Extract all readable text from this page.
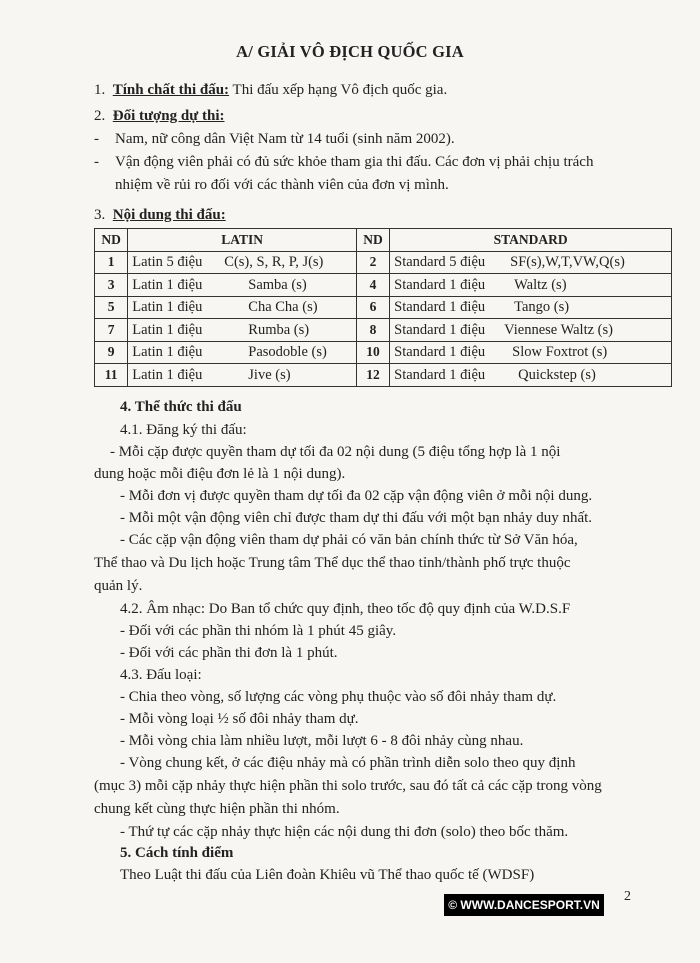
A/ GIẢI VÔ ĐỊCH QUỐC GIA
1. Tính chất thi đấu: Thi đấu xếp hạng Vô địch quốc gia.
2. Đối tượng dự thi:
- Nam, nữ công dân Việt Nam từ 14 tuổi (sinh năm 2002).
- Vận động viên phải có đủ sức khỏe tham gia thi đấu. Các đơn vị phải chịu trách
nhiệm về rủi ro đối với các thành viên của đơn vị mình.
3. Nội dung thi đấu:
ND	LATIN	ND	STANDARD
1	Latin 5 điệu C(s), S, R, P, J(s)	2	Standard 5 điệu SF(s),W,T,VW,Q(s)
3	Latin 1 điệu Samba (s)	4	Standard 1 điệu Waltz (s)
5	Latin 1 điệu Cha Cha (s)	6	Standard 1 điệu Tango (s)
7	Latin 1 điệu Rumba (s)	8	Standard 1 điệu Viennese Waltz (s)
9	Latin 1 điệu Pasodoble (s)	10	Standard 1 điệu Slow Foxtrot (s)
11	Latin 1 điệu Jive (s)	12	Standard 1 điệu Quickstep (s)
4. Thể thức thi đấu
4.1. Đăng ký thi đấu:
- Mỗi cặp được quyền tham dự tối đa 02 nội dung (5 điệu tổng hợp là 1 nội
dung hoặc mỗi điệu đơn lẻ là 1 nội dung).
- Mỗi đơn vị được quyền tham dự tối đa 02 cặp vận động viên ở mỗi nội dung.
- Mỗi một vận động viên chỉ được tham dự thi đấu với một bạn nhảy duy nhất.
- Các cặp vận động viên tham dự phải có văn bản chính thức từ Sở Văn hóa,
Thể thao và Du lịch hoặc Trung tâm Thể dục thể thao tỉnh/thành phố trực thuộc
quản lý.
4.2. Âm nhạc: Do Ban tổ chức quy định, theo tốc độ quy định của W.D.S.F
- Đối với các phần thi nhóm là 1 phút 45 giây.
- Đối với các phần thi đơn là 1 phút.
4.3. Đấu loại:
- Chia theo vòng, số lượng các vòng phụ thuộc vào số đôi nhảy tham dự.
- Mỗi vòng loại ½ số đôi nhảy tham dự.
- Mỗi vòng chia làm nhiều lượt, mỗi lượt 6 - 8 đôi nhảy cùng nhau.
- Vòng chung kết, ở các điệu nhảy mà có phần trình diễn solo theo quy định
(mục 3) mỗi cặp nhảy thực hiện phần thi solo trước, sau đó tất cả các cặp trong vòng
chung kết cùng thực hiện phần thi nhóm.
- Thứ tự các cặp nhảy thực hiện các nội dung thi đơn (solo) theo bốc thăm.
5. Cách tính điểm
Theo Luật thi đấu của Liên đoàn Khiêu vũ Thể thao quốc tế (WDSF)
2
© WWW.DANCESPORT.VN
